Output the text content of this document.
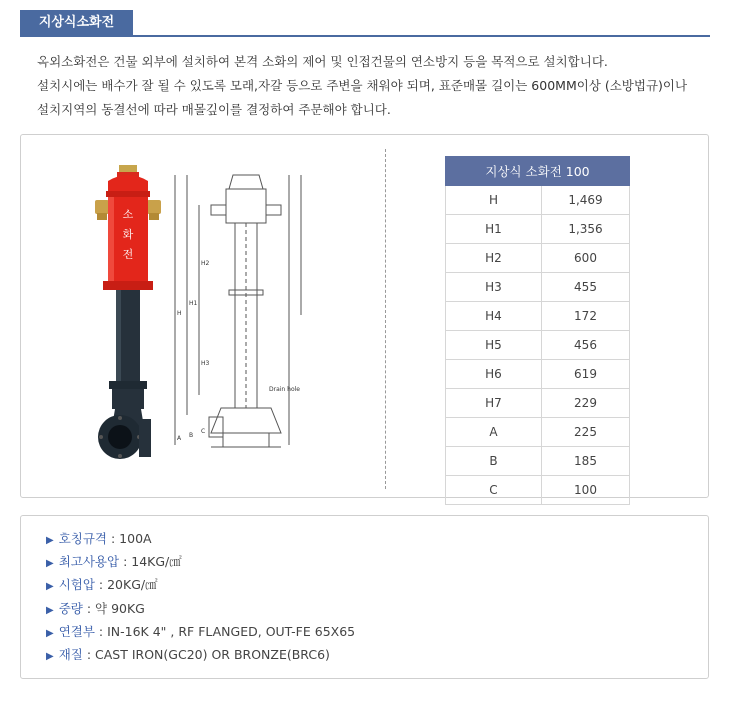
지상식소화전
옥외소화전은 건물 외부에 설치하여 본격 소화의 제어 및 인접건물의 연소방지 등을 목적으로 설치합니다.
설치시에는 배수가 잘 될 수 있도록 모래,자갈 등으로 주변을 채워야 되며, 표준매몰 길이는 600MM이상 (소방법규)이나
설치지역의 동결선에 따라 매몰깊이를 결정하여 주문해야 합니다.
소
화
전
Drain hole
H
H1
H2
H3
A B
C
지상식 소화전 100	
H	1,469
H1	1,356
H2	600
H3	455
H4	172
H5	456
H6	619
H7	229
A	225
B	185
C	100
▶ 호칭규격 : 100A
▶ 최고사용압 : 14KG/㎠
▶ 시험압 : 20KG/㎠
▶ 중량 : 약 90KG
▶ 연결부 : IN-16K 4" , RF FLANGED, OUT-FE 65X65
▶ 재질 : CAST IRON(GC20) OR BRONZE(BRC6)
